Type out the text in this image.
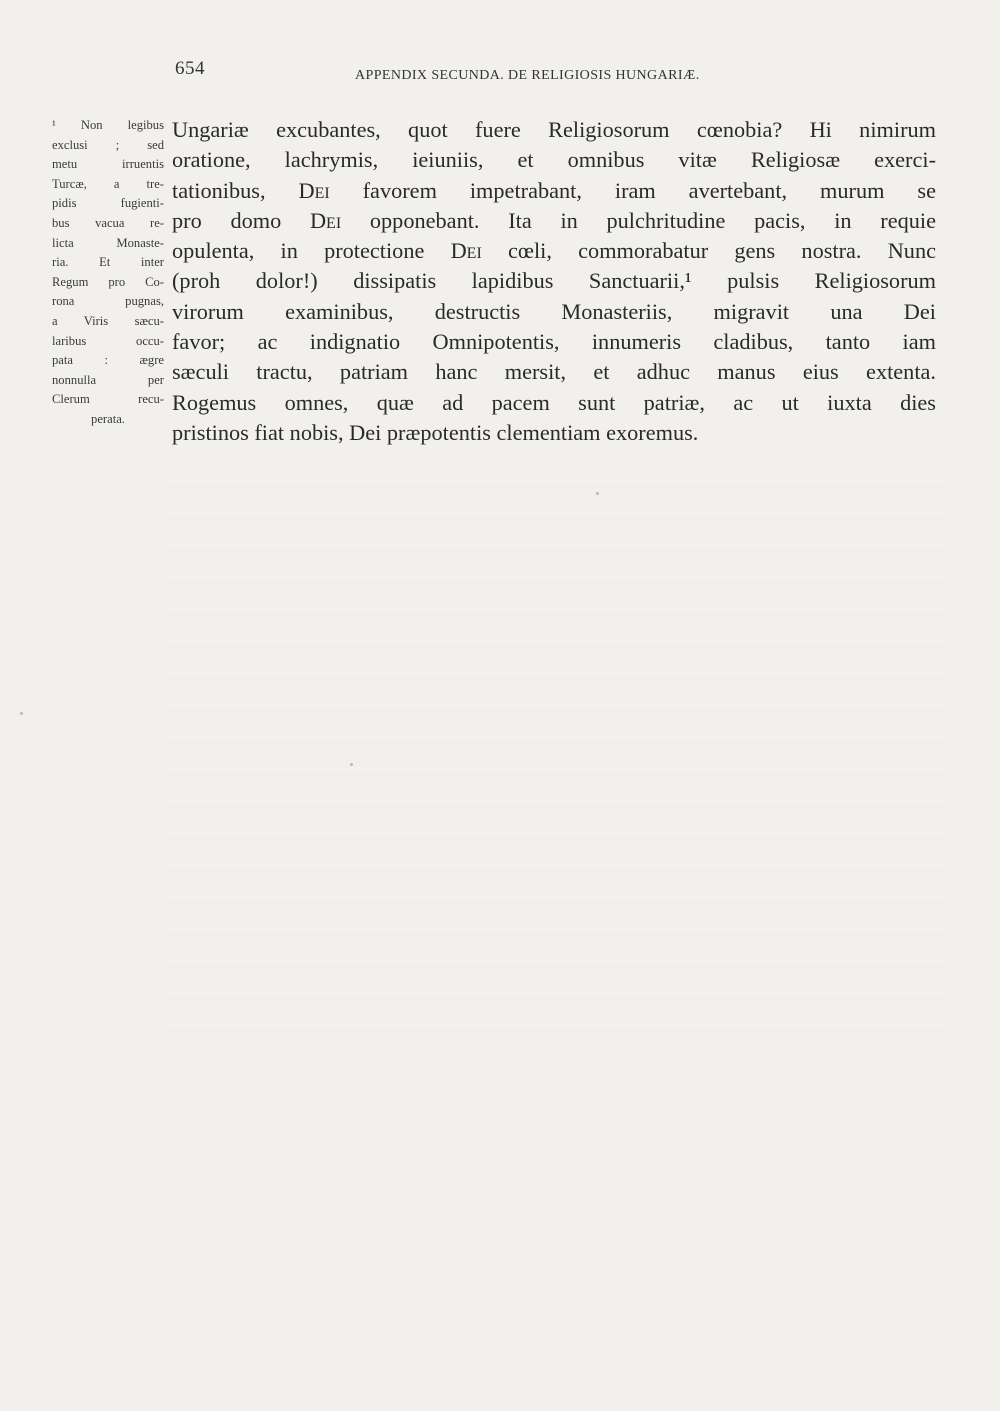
654	APPENDIX SECUNDA. DE RELIGIOSIS HUNGARIÆ.
¹ Non legibus
exclusi ; sed
metu irruentis
Turcæ, a tre-
pidis fugienti-
bus vacua re-
licta Monaste-
ria. Et inter
Regum pro Co-
rona pugnas,
a Viris sæcu-
laribus occu-
pata : ægre
nonnulla per
Clerum recu-
perata.
Ungariæ excubantes, quot fuere Religiosorum cœnobia? Hi nimirum
oratione, lachrymis, ieiuniis, et omnibus vitæ Religiosæ exerci-
tationibus, Dei favorem impetrabant, iram avertebant, murum se
pro domo Dei opponebant. Ita in pulchritudine pacis, in requie
opulenta, in protectione Dei cœli, commorabatur gens nostra. Nunc
(proh dolor!) dissipatis lapidibus Sanctuarii,¹ pulsis Religiosorum
virorum examinibus, destructis Monasteriis, migravit una Dei
favor; ac indignatio Omnipotentis, innumeris cladibus, tanto iam
sæculi tractu, patriam hanc mersit, et adhuc manus eius extenta.
Rogemus omnes, quæ ad pacem sunt patriæ, ac ut iuxta dies
pristinos fiat nobis, Dei præpotentis clementiam exoremus.
